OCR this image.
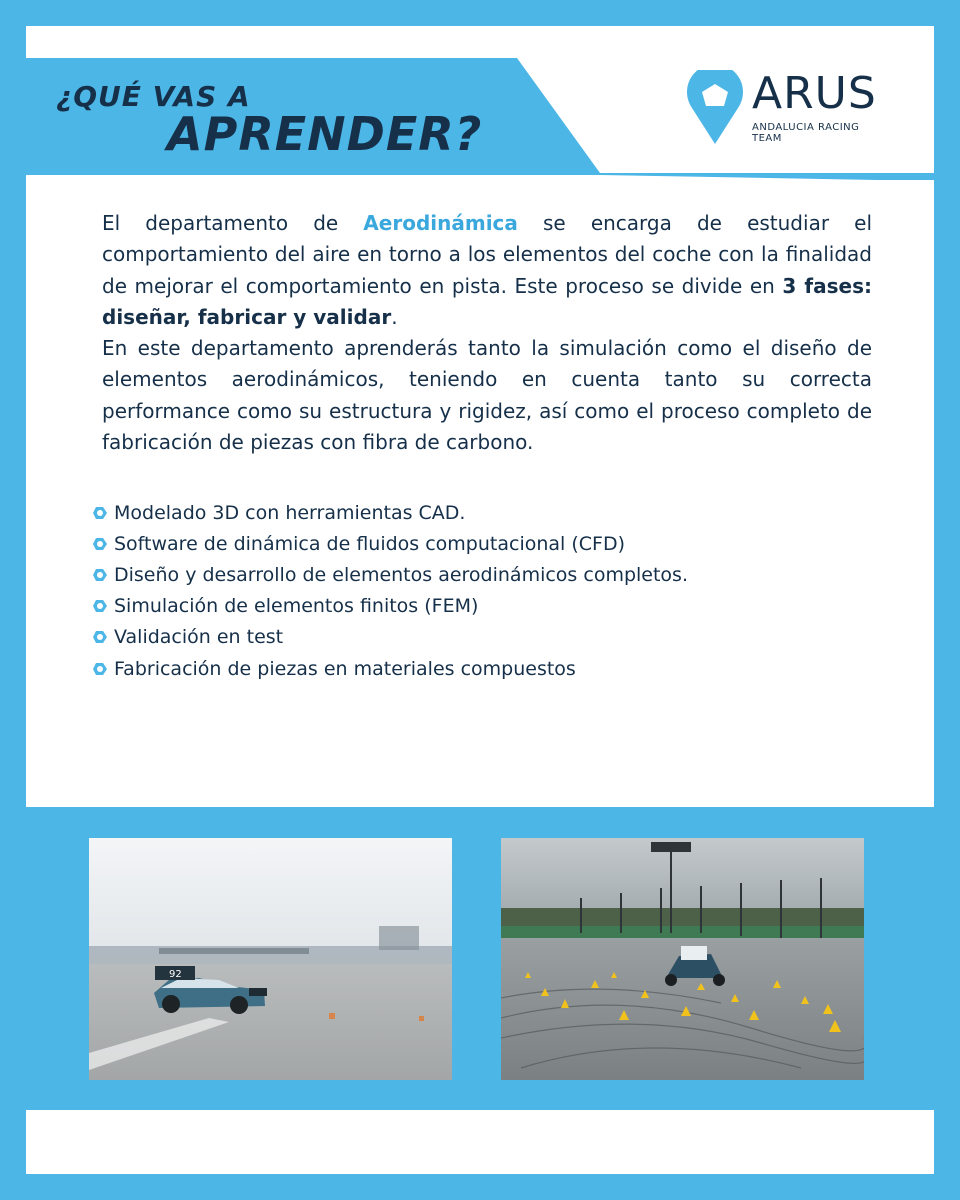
¿QUÉ VAS A
APRENDER?

ARUS

ANDALUCIA RACING TEAM

El departamento de Aerodinámica se encarga de estudiar el comportamiento del aire en torno a los elementos del coche con la finalidad de mejorar el comportamiento en pista. Este proceso se divide en 3 fases: diseñar, fabricar y validar.

En este departamento aprenderás tanto la simulación como el diseño de elementos aerodinámicos, teniendo en cuenta tanto su correcta performance como su estructura y rigidez, así como el proceso completo de fabricación de piezas con fibra de carbono.

Modelado 3D con herramientas CAD.
Software de dinámica de fluidos computacional (CFD)
Diseño y desarrollo de elementos aerodinámicos completos.
Simulación de elementos finitos (FEM)
Validación en test
Fabricación de piezas en materiales compuestos
92
